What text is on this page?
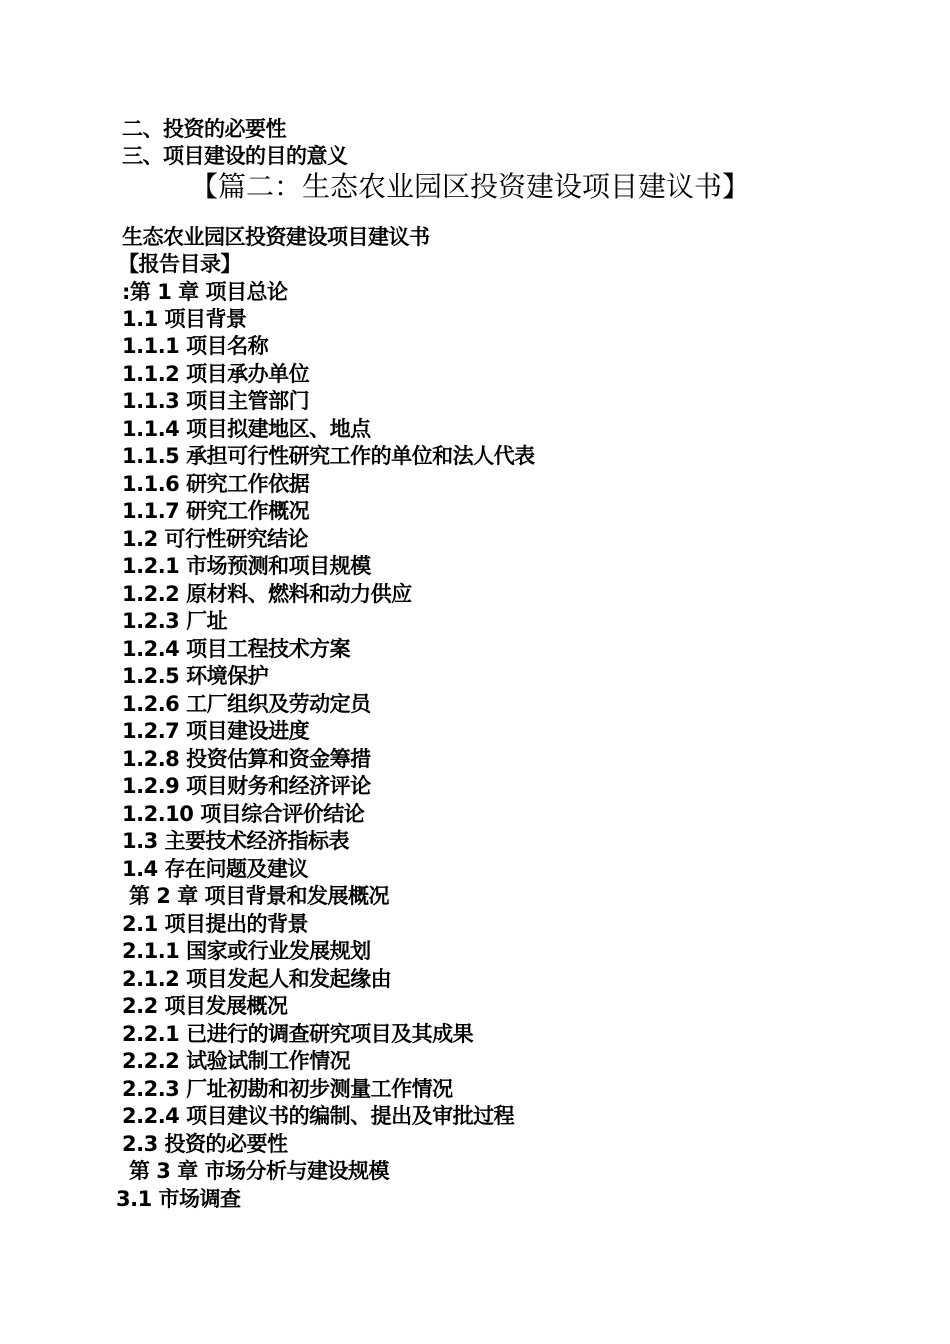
二、投资的必要性
三、项目建设的目的意义
【篇二：生态农业园区投资建设项目建议书】
生态农业园区投资建设项目建议书
【报告目录】
:第 1 章 项目总论
1.1 项目背景
1.1.1 项目名称
1.1.2 项目承办单位
1.1.3 项目主管部门
1.1.4 项目拟建地区、地点
1.1.5 承担可行性研究工作的单位和法人代表
1.1.6 研究工作依据
1.1.7 研究工作概况
1.2 可行性研究结论
1.2.1 市场预测和项目规模
1.2.2 原材料、燃料和动力供应
1.2.3 厂址
1.2.4 项目工程技术方案
1.2.5 环境保护
1.2.6 工厂组织及劳动定员
1.2.7 项目建设进度
1.2.8 投资估算和资金筹措
1.2.9 项目财务和经济评论
1.2.10 项目综合评价结论
1.3 主要技术经济指标表
1.4 存在问题及建议
第 2 章 项目背景和发展概况
2.1 项目提出的背景
2.1.1 国家或行业发展规划
2.1.2 项目发起人和发起缘由
2.2 项目发展概况
2.2.1 已进行的调查研究项目及其成果
2.2.2 试验试制工作情况
2.2.3 厂址初勘和初步测量工作情况
2.2.4 项目建议书的编制、提出及审批过程
2.3 投资的必要性
第 3 章 市场分析与建设规模
3.1 市场调查
